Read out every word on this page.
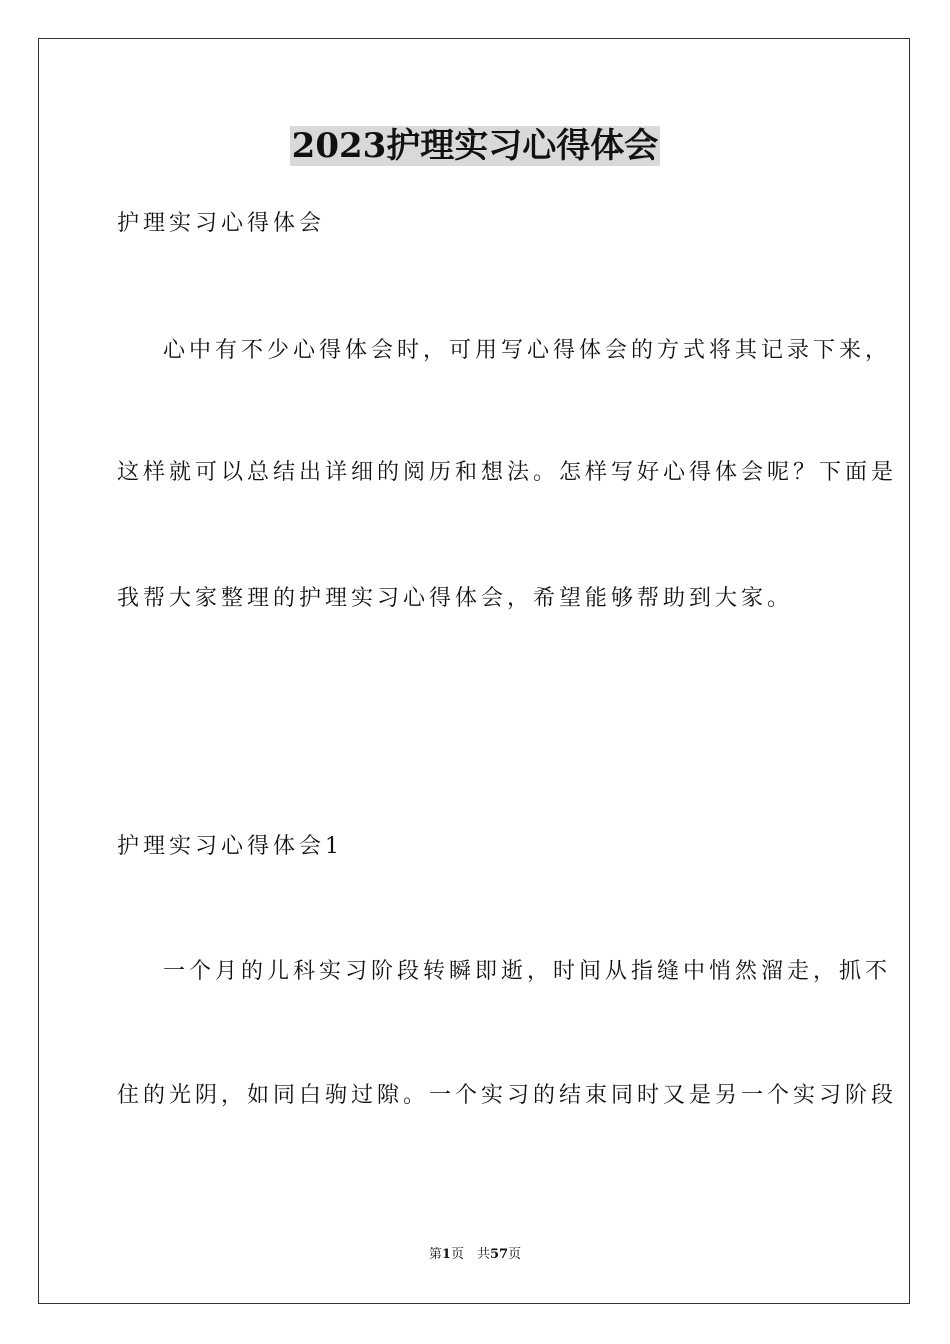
2023护理实习心得体会
护理实习心得体会
心中有不少心得体会时，可用写心得体会的方式将其记录下来，
这样就可以总结出详细的阅历和想法。怎样写好心得体会呢？下面是
我帮大家整理的护理实习心得体会，希望能够帮助到大家。
护理实习心得体会1
一个月的儿科实习阶段转瞬即逝，时间从指缝中悄然溜走，抓不
住的光阴，如同白驹过隙。一个实习的结束同时又是另一个实习阶段
第1页　共57页
